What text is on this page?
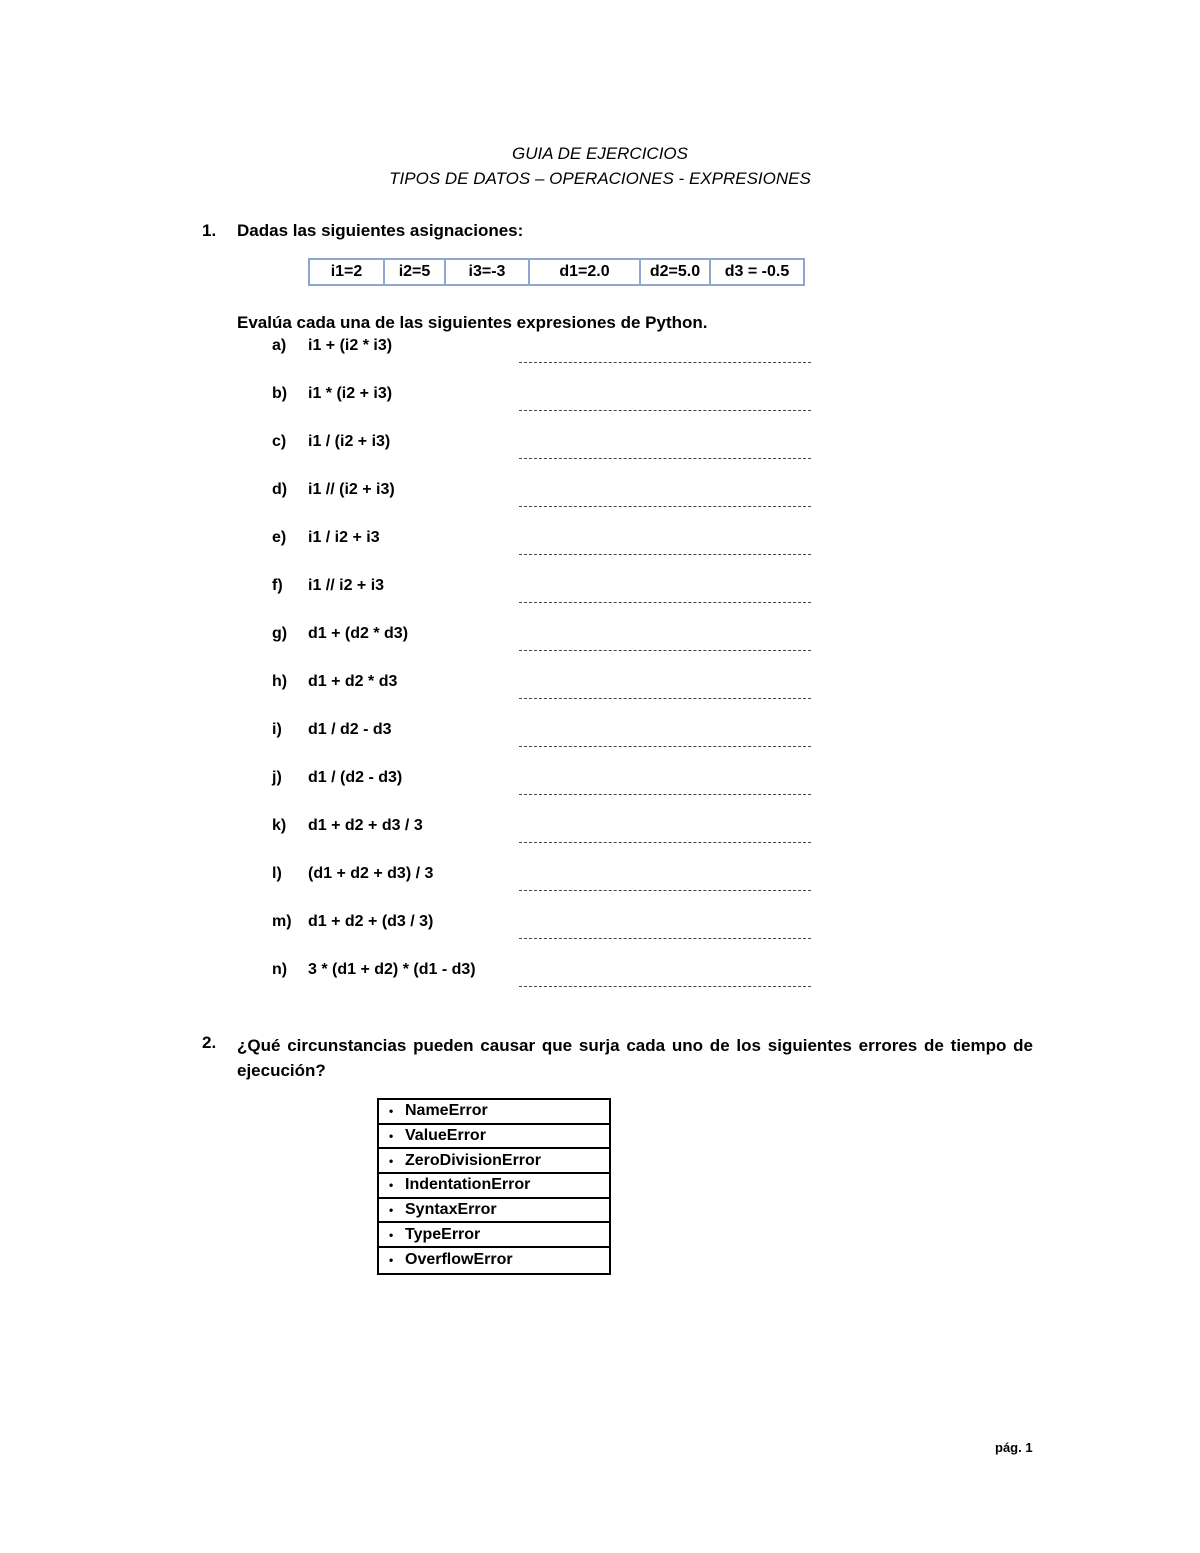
GUIA DE EJERCICIOS
TIPOS DE DATOS – OPERACIONES - EXPRESIONES
1. Dadas las siguientes asignaciones:
i1=2	i2=5	i3=-3	d1=2.0	d2=5.0	d3 = -0.5
Evalúa cada una de las siguientes expresiones de Python.
a) i1 + (i2 * i3)
b) i1 * (i2 + i3)
c) i1 / (i2 + i3)
d) i1 // (i2 + i3)
e) i1 / i2 + i3
f) i1 // i2 + i3
g) d1 + (d2 * d3)
h) d1 + d2 * d3
i) d1 / d2 - d3
j) d1 / (d2 - d3)
k) d1 + d2 + d3 / 3
l) (d1 + d2 + d3) / 3
m) d1 + d2 + (d3 / 3)
n) 3 * (d1 + d2) * (d1 - d3)
2. ¿Qué circunstancias pueden causar que surja cada uno de los siguientes errores de tiempo de ejecución?
• NameError
• ValueError
• ZeroDivisionError
• IndentationError
• SyntaxError
• TypeError
• OverflowError
pág. 1
